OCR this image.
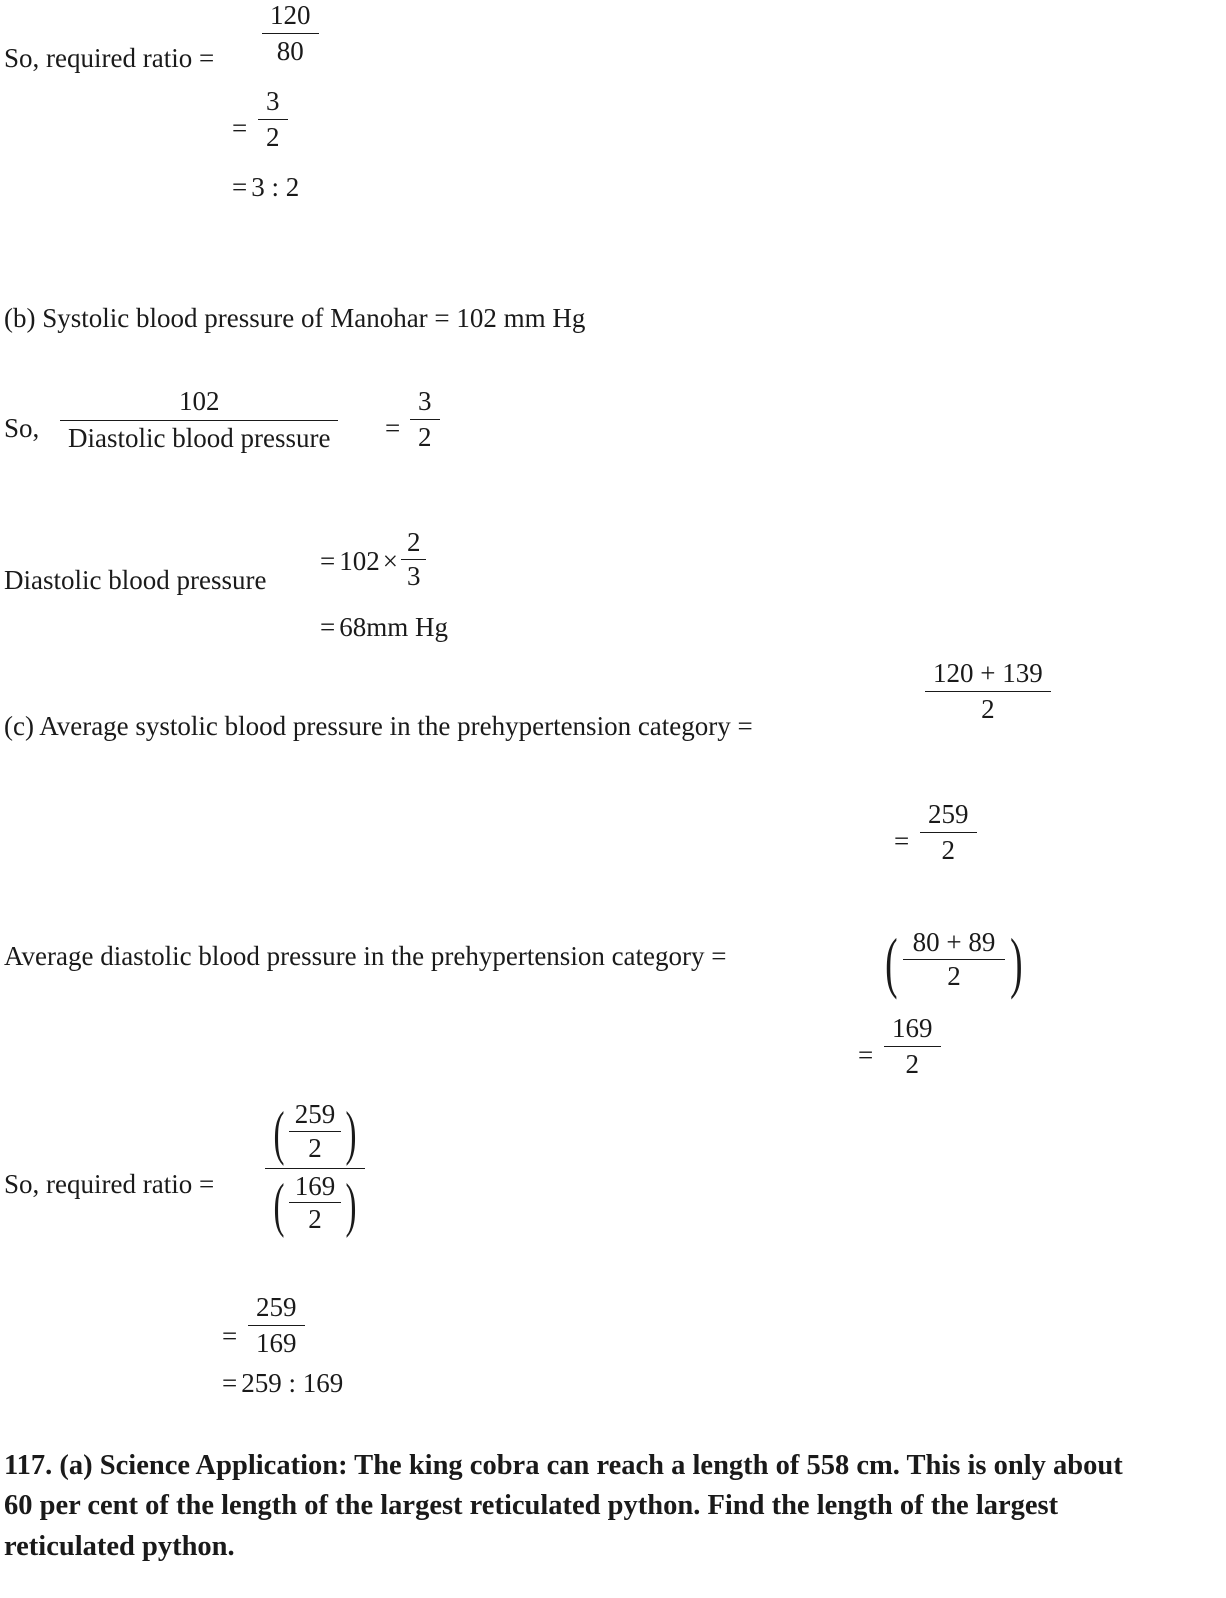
So, required ratio = $\frac{120}{80}$
= $\frac{3}{2}$
= 3 : 2
(b) Systolic blood pressure of Manohar = 102 mm Hg
So,
102
Diastolic blood pressure = $\frac{3}{2}$
Diastolic blood pressure
= $102 \times \frac{2}{3}$
= 68mm Hg
(c) Average systolic blood pressure in the prehypertension category =
$\frac{120 + 139}{2}$
= $\frac{259}{2}$
Average diastolic blood pressure in the prehypertension category = ( $\frac{80 + 89}{2}$ )
= $\frac{169}{2}$
So, required ratio = $\frac{( \frac{259}{2} )}{( \frac{169}{2} )}$
=
259
169
= 259 : 169
117. (a) Science Application: The king cobra can reach a length of 558 cm. This is only about 60 per cent of the length of the largest reticulated python. Find the length of the largest reticulated python.
